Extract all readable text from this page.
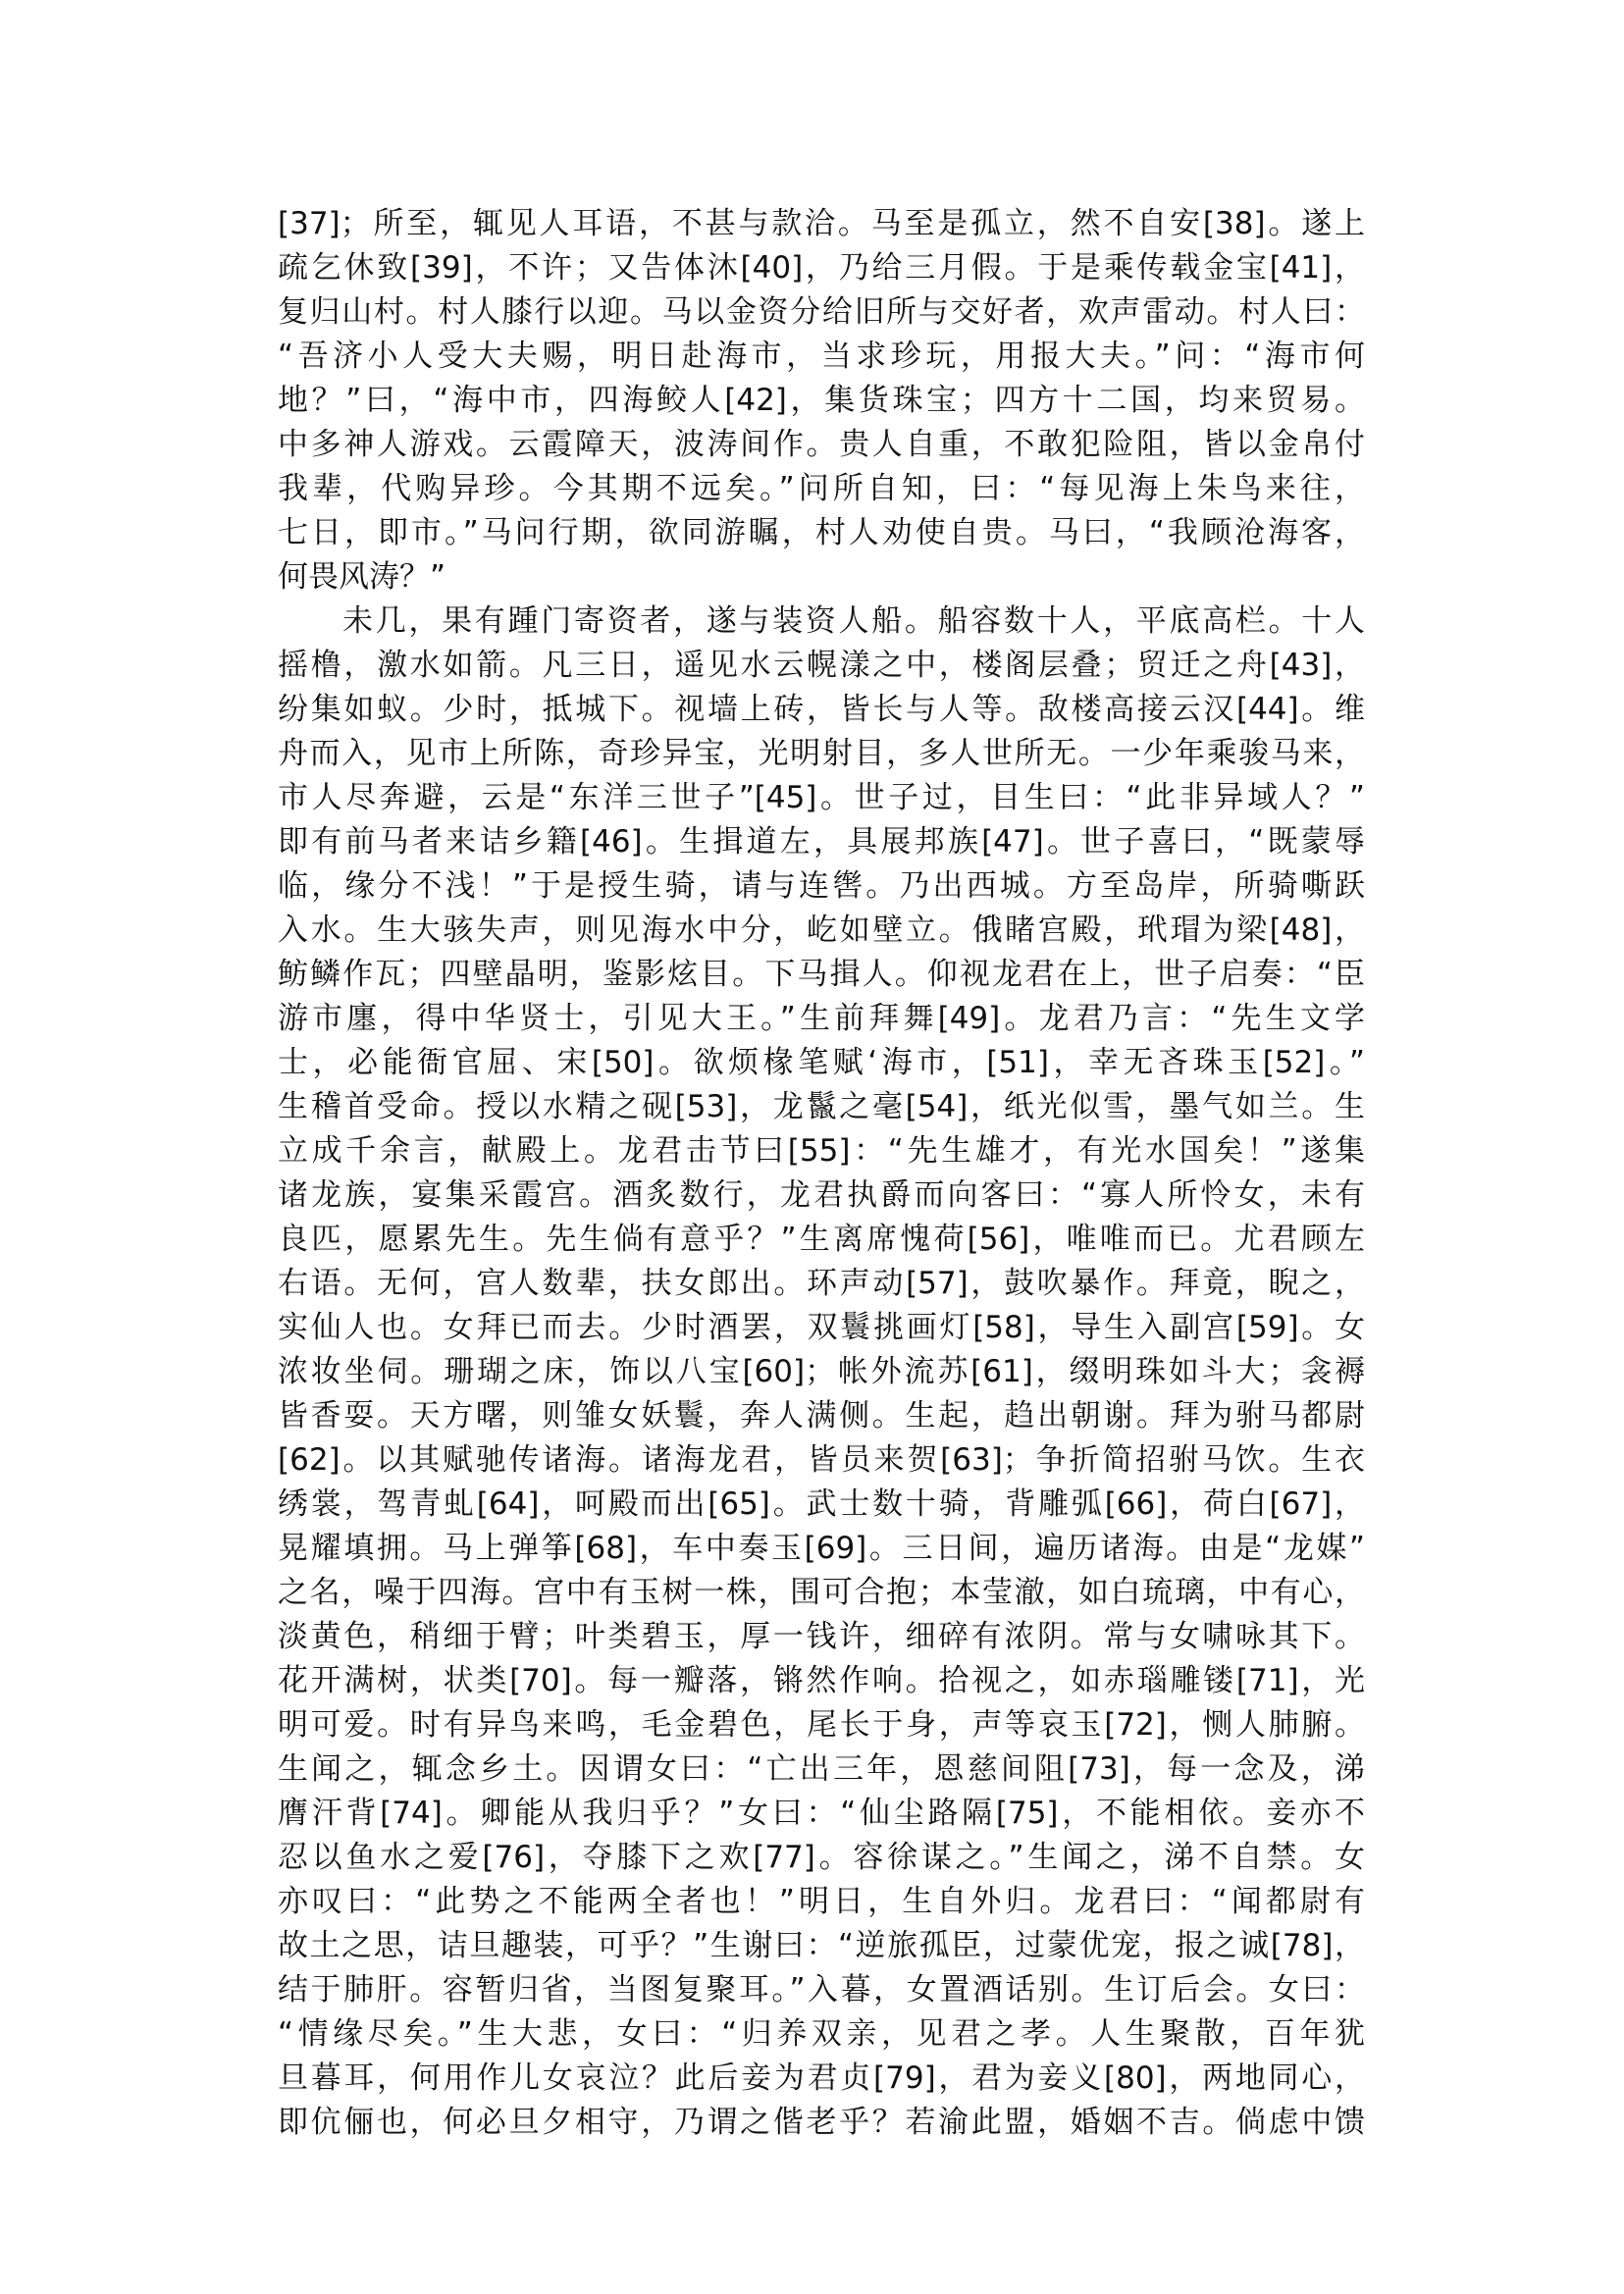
[37]；所至，辄见人耳语，不甚与款洽。马至是孤立，然不自安[38]。遂上
疏乞休致[39]，不许；又告体沐[40]，乃给三月假。于是乘传载金宝[41]，
复归山村。村人膝行以迎。马以金资分给旧所与交好者，欢声雷动。村人曰：
“吾济小人受大夫赐，明日赴海市，当求珍玩，用报大夫。”问：“海市何
地？”曰，“海中市，四海鲛人[42]，集货珠宝；四方十二国，均来贸易。
中多神人游戏。云霞障天，波涛间作。贵人自重，不敢犯险阻，皆以金帛付
我辈，代购异珍。今其期不远矣。”问所自知，曰：“每见海上朱鸟来往，
七日，即市。”马问行期，欲同游瞩，村人劝使自贵。马曰，“我顾沧海客，
何畏风涛？”
未几，果有踵门寄资者，遂与装资人船。船容数十人，平底高栏。十人
摇橹，激水如箭。凡三日，遥见水云幌漾之中，楼阁层叠；贸迁之舟[43]，
纷集如蚁。少时，抵城下。视墙上砖，皆长与人等。敌楼高接云汉[44]。维
舟而入，见市上所陈，奇珍异宝，光明射目，多人世所无。一少年乘骏马来，
市人尽奔避，云是“东洋三世子”[45]。世子过，目生曰：“此非异域人？”
即有前马者来诘乡籍[46]。生揖道左，具展邦族[47]。世子喜曰，“既蒙辱
临，缘分不浅！”于是授生骑，请与连辔。乃出西城。方至岛岸，所骑嘶跃
入水。生大骇失声，则见海水中分，屹如壁立。俄睹宫殿，玳瑁为梁[48]，
鲂鳞作瓦；四壁晶明，鉴影炫目。下马揖人。仰视龙君在上，世子启奏：“臣
游市廛，得中华贤士，引见大王。”生前拜舞[49]。龙君乃言：“先生文学
士，必能衙官屈、宋[50]。欲烦椽笔赋‘海市，[51]，幸无吝珠玉[52]。”
生稽首受命。授以水精之砚[53]，龙鬣之毫[54]，纸光似雪，墨气如兰。生
立成千余言，献殿上。龙君击节曰[55]：“先生雄才，有光水国矣！”遂集
诸龙族，宴集采霞宫。酒炙数行，龙君执爵而向客曰：“寡人所怜女，未有
良匹，愿累先生。先生倘有意乎？”生离席愧荷[56]，唯唯而已。尤君顾左
右语。无何，宫人数辈，扶女郎出。环声动[57]，鼓吹暴作。拜竟，睨之，
实仙人也。女拜已而去。少时酒罢，双鬟挑画灯[58]，导生入副宫[59]。女
浓妆坐伺。珊瑚之床，饰以八宝[60]；帐外流苏[61]，缀明珠如斗大；衾褥
皆香耍。天方曙，则雏女妖鬟，奔人满侧。生起，趋出朝谢。拜为驸马都尉
[62]。以其赋驰传诸海。诸海龙君，皆员来贺[63]；争折简招驸马饮。生衣
绣裳，驾青虬[64]，呵殿而出[65]。武士数十骑，背雕弧[66]，荷白[67]，
晃耀填拥。马上弹筝[68]，车中奏玉[69]。三日间，遍历诸海。由是“龙媒”
之名，噪于四海。宫中有玉树一株，围可合抱；本莹澈，如白琉璃，中有心，
淡黄色，稍细于臂；叶类碧玉，厚一钱许，细碎有浓阴。常与女啸咏其下。
花开满树，状类[70]。每一瓣落，锵然作响。拾视之，如赤瑙雕镂[71]，光
明可爱。时有异鸟来鸣，毛金碧色，尾长于身，声等哀玉[72]，恻人肺腑。
生闻之，辄念乡土。因谓女曰：“亡出三年，恩慈间阻[73]，每一念及，涕
膺汗背[74]。卿能从我归乎？”女曰：“仙尘路隔[75]，不能相依。妾亦不
忍以鱼水之爱[76]，夺膝下之欢[77]。容徐谋之。”生闻之，涕不自禁。女
亦叹曰：“此势之不能两全者也！”明日，生自外归。龙君曰：“闻都尉有
故土之思，诘旦趣装，可乎？”生谢曰：“逆旅孤臣，过蒙优宠，报之诚[78]，
结于肺肝。容暂归省，当图复聚耳。”入暮，女置酒话别。生订后会。女曰：
“情缘尽矣。”生大悲，女曰：“归养双亲，见君之孝。人生聚散，百年犹
旦暮耳，何用作儿女哀泣？此后妾为君贞[79]，君为妾义[80]，两地同心，
即伉俪也，何必旦夕相守，乃谓之偕老乎？若渝此盟，婚姻不吉。倘虑中馈
